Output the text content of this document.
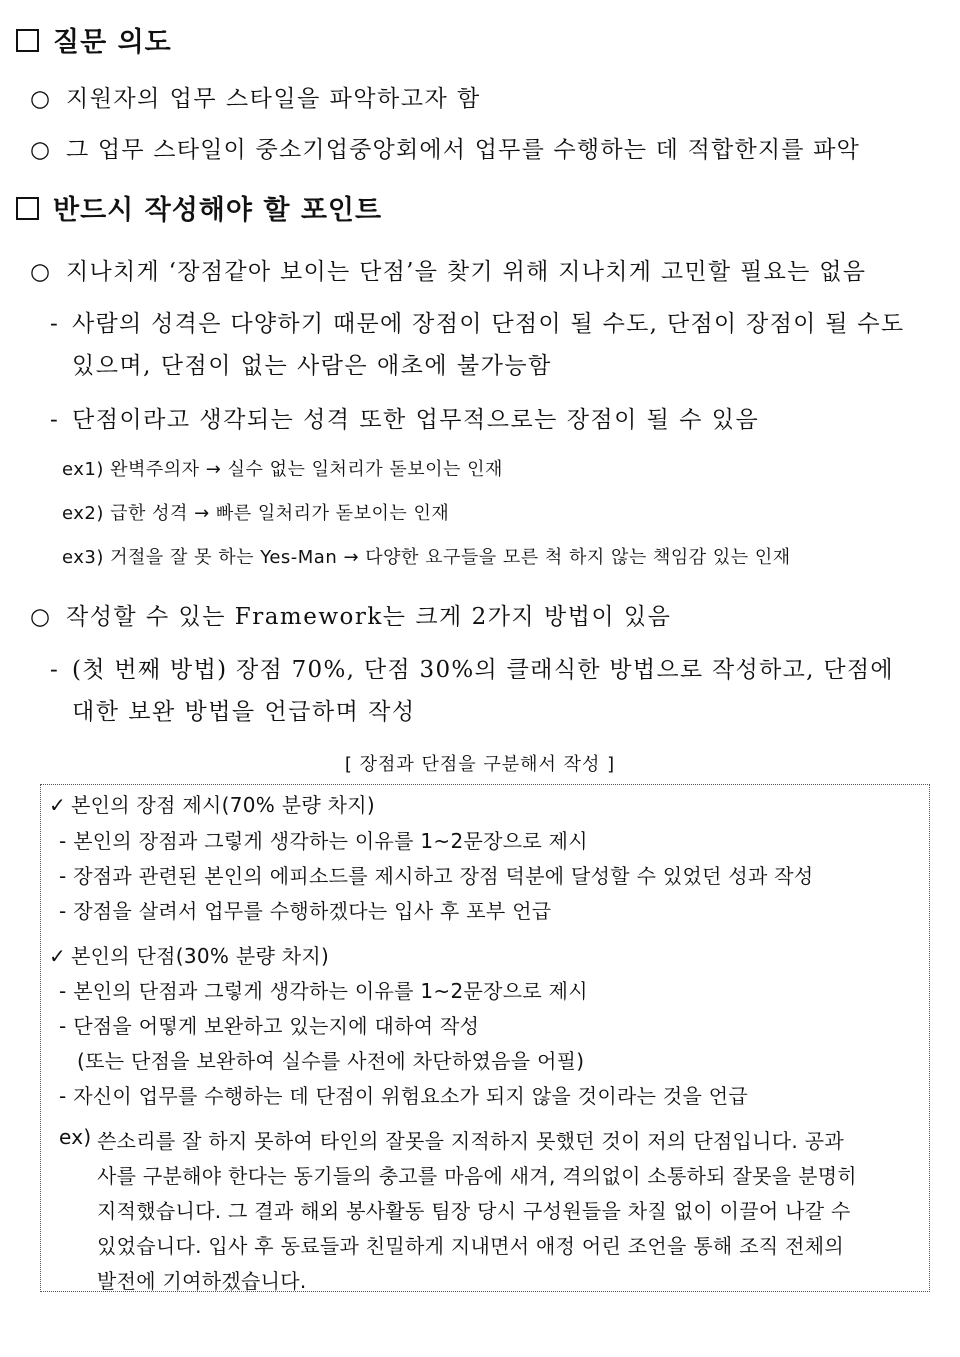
질문 의도
○ 지원자의 업무 스타일을 파악하고자 함
○ 그 업무 스타일이 중소기업중앙회에서 업무를 수행하는 데 적합한지를 파악
반드시 작성해야 할 포인트
○ 지나치게 ‘장점같아 보이는 단점’을 찾기 위해 지나치게 고민할 필요는 없음
- 사람의 성격은 다양하기 때문에 장점이 단점이 될 수도, 단점이 장점이 될 수도
있으며, 단점이 없는 사람은 애초에 불가능함
- 단점이라고 생각되는 성격 또한 업무적으로는 장점이 될 수 있음
ex1) 완벽주의자 → 실수 없는 일처리가 돋보이는 인재
ex2) 급한 성격 → 빠른 일처리가 돋보이는 인재
ex3) 거절을 잘 못 하는 Yes-Man → 다양한 요구들을 모른 척 하지 않는 책임감 있는 인재
○ 작성할 수 있는 Framework는 크게 2가지 방법이 있음
- (첫 번째 방법) 장점 70%, 단점 30%의 클래식한 방법으로 작성하고, 단점에
대한 보완 방법을 언급하며 작성
[ 장점과 단점을 구분해서 작성 ]
✓ 본인의 장점 제시(70% 분량 차지)
- 본인의 장점과 그렇게 생각하는 이유를 1~2문장으로 제시
- 장점과 관련된 본인의 에피소드를 제시하고 장점 덕분에 달성할 수 있었던 성과 작성
- 장점을 살려서 업무를 수행하겠다는 입사 후 포부 언급
✓ 본인의 단점(30% 분량 차지)
- 본인의 단점과 그렇게 생각하는 이유를 1~2문장으로 제시
- 단점을 어떻게 보완하고 있는지에 대하여 작성
(또는 단점을 보완하여 실수를 사전에 차단하였음을 어필)
- 자신이 업무를 수행하는 데 단점이 위험요소가 되지 않을 것이라는 것을 언급
ex) 쓴소리를 잘 하지 못하여 타인의 잘못을 지적하지 못했던 것이 저의 단점입니다. 공과
사를 구분해야 한다는 동기들의 충고를 마음에 새겨, 격의없이 소통하되 잘못을 분명히
지적했습니다. 그 결과 해외 봉사활동 팀장 당시 구성원들을 차질 없이 이끌어 나갈 수
있었습니다. 입사 후 동료들과 친밀하게 지내면서 애정 어린 조언을 통해 조직 전체의
발전에 기여하겠습니다.
